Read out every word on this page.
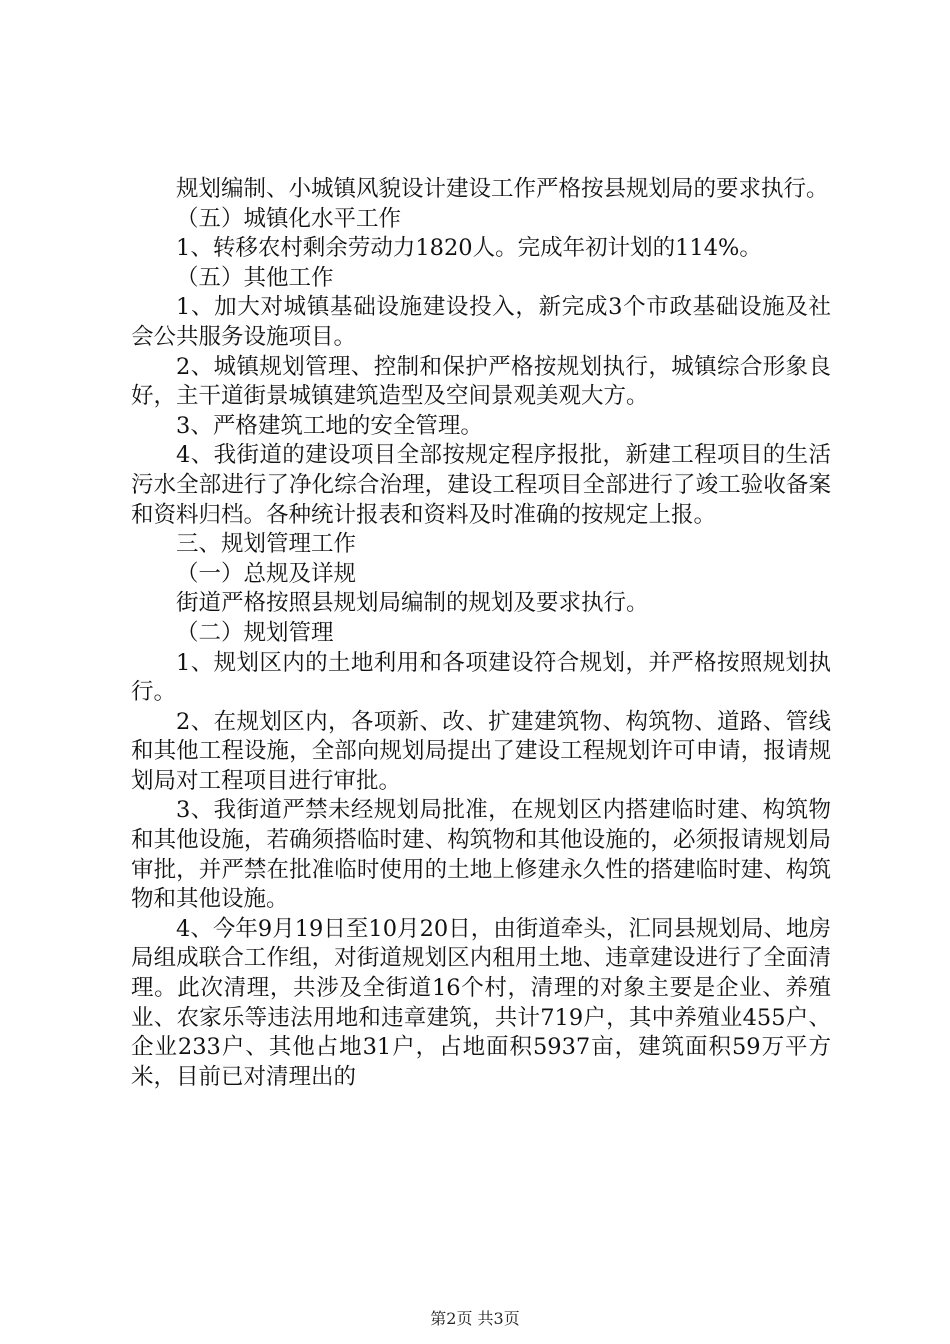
规划编制、小城镇风貌设计建设工作严格按县规划局的要求执行。

（五）城镇化水平工作

1、转移农村剩余劳动力1820人。完成年初计划的114%。

（五）其他工作

1、加大对城镇基础设施建设投入，新完成3个市政基础设施及社会公共服务设施项目。

2、城镇规划管理、控制和保护严格按规划执行，城镇综合形象良好，主干道街景城镇建筑造型及空间景观美观大方。

3、严格建筑工地的安全管理。

4、我街道的建设项目全部按规定程序报批，新建工程项目的生活污水全部进行了净化综合治理，建设工程项目全部进行了竣工验收备案和资料归档。各种统计报表和资料及时准确的按规定上报。

三、规划管理工作

（一）总规及详规

街道严格按照县规划局编制的规划及要求执行。

（二）规划管理

1、规划区内的土地利用和各项建设符合规划，并严格按照规划执行。

2、在规划区内，各项新、改、扩建建筑物、构筑物、道路、管线和其他工程设施，全部向规划局提出了建设工程规划许可申请，报请规划局对工程项目进行审批。

3、我街道严禁未经规划局批准，在规划区内搭建临时建、构筑物和其他设施，若确须搭临时建、构筑物和其他设施的，必须报请规划局审批，并严禁在批准临时使用的土地上修建永久性的搭建临时建、构筑物和其他设施。

4、今年9月19日至10月20日，由街道牵头，汇同县规划局、地房局组成联合工作组，对街道规划区内租用土地、违章建设进行了全面清理。此次清理，共涉及全街道16个村，清理的对象主要是企业、养殖业、农家乐等违法用地和违章建筑，共计719户，其中养殖业455户、企业233户、其他占地31户，占地面积5937亩，建筑面积59万平方米，目前已对清理出的

第2页 共3页
